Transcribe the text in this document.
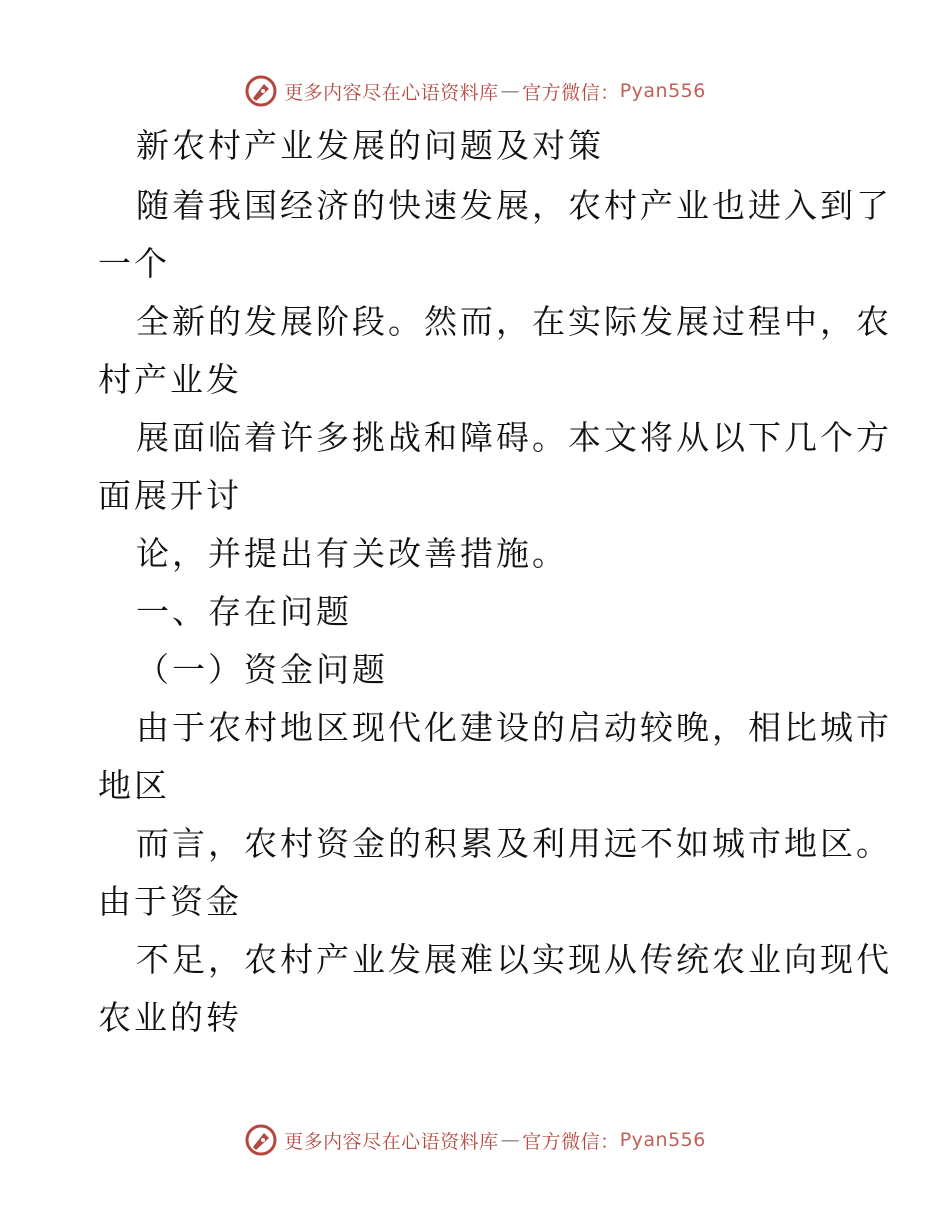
更多内容尽在心语资料库 — 官方微信： Pyan556
新农村产业发展的问题及对策
随着我国经济的快速发展，农村产业也进入到了
一个
全新的发展阶段。然而，在实际发展过程中，农
村产业发
展面临着许多挑战和障碍。本文将从以下几个方
面展开讨
论，并提出有关改善措施。
一、存在问题
（一）资金问题
由于农村地区现代化建设的启动较晚，相比城市
地区
而言，农村资金的积累及利用远不如城市地区。
由于资金
不足，农村产业发展难以实现从传统农业向现代
农业的转
更多内容尽在心语资料库 — 官方微信： Pyan556
